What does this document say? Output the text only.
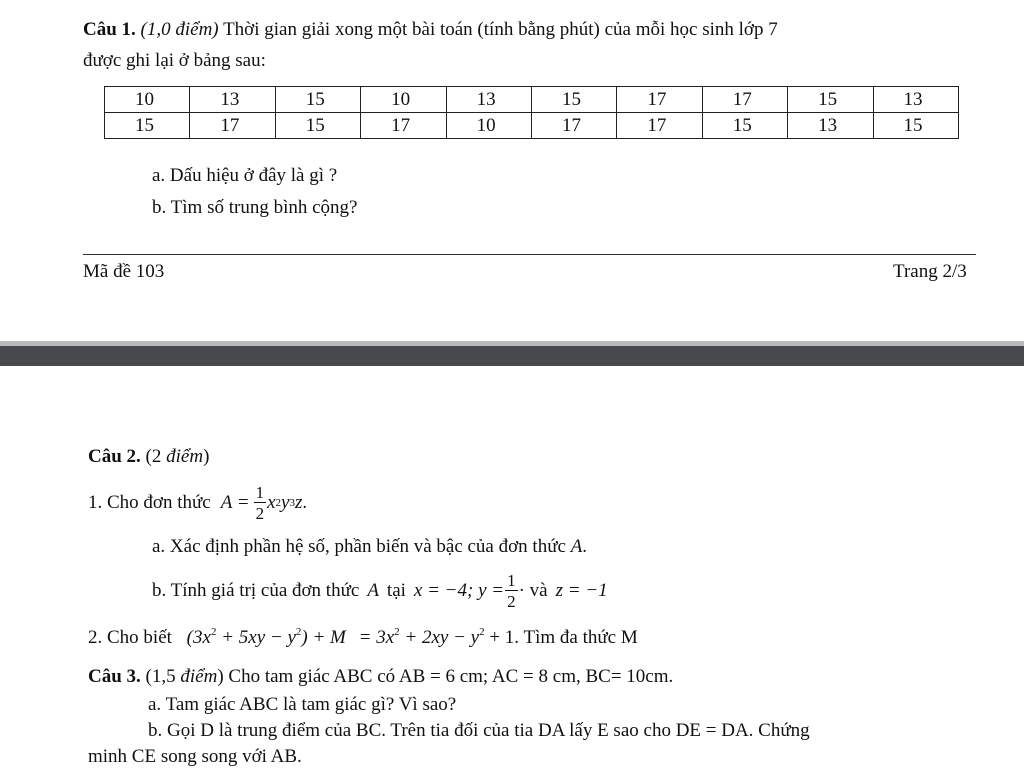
Câu 1. (1,0 điểm) Thời gian giải xong một bài toán (tính bằng phút) của mỗi học sinh lớp 7
được ghi lại ở bảng sau:
10	13	15	10	13	15	17	17	15	13
15	17	15	17	10	17	17	15	13	15
a. Dấu hiệu ở đây là gì ?
b. Tìm số trung bình cộng?
Mã đề 103	Trang 2/3
Câu 2. (2 điểm)
1. Cho đơn thức $A = \frac{1}{2}$ x 2 y 3 z .
a. Xác định phần hệ số, phần biến và bậc của đơn thức A.
b. Tính giá trị của đơn thức A tại x = −4; $y = \frac{1}{2}$ · và z = −1
2. Cho biết $(3x^2 + 5xy - y^2) + M = 3x^2 + 2xy - y^2 + 1$. Tìm đa thức M
Câu 3. (1,5 điểm) Cho tam giác ABC có AB = 6 cm; AC = 8 cm, BC= 10cm.
a. Tam giác ABC là tam giác gì? Vì sao?
b. Gọi D là trung điểm của BC. Trên tia đối của tia DA lấy E sao cho DE = DA. Chứng
minh CE song song với AB.
